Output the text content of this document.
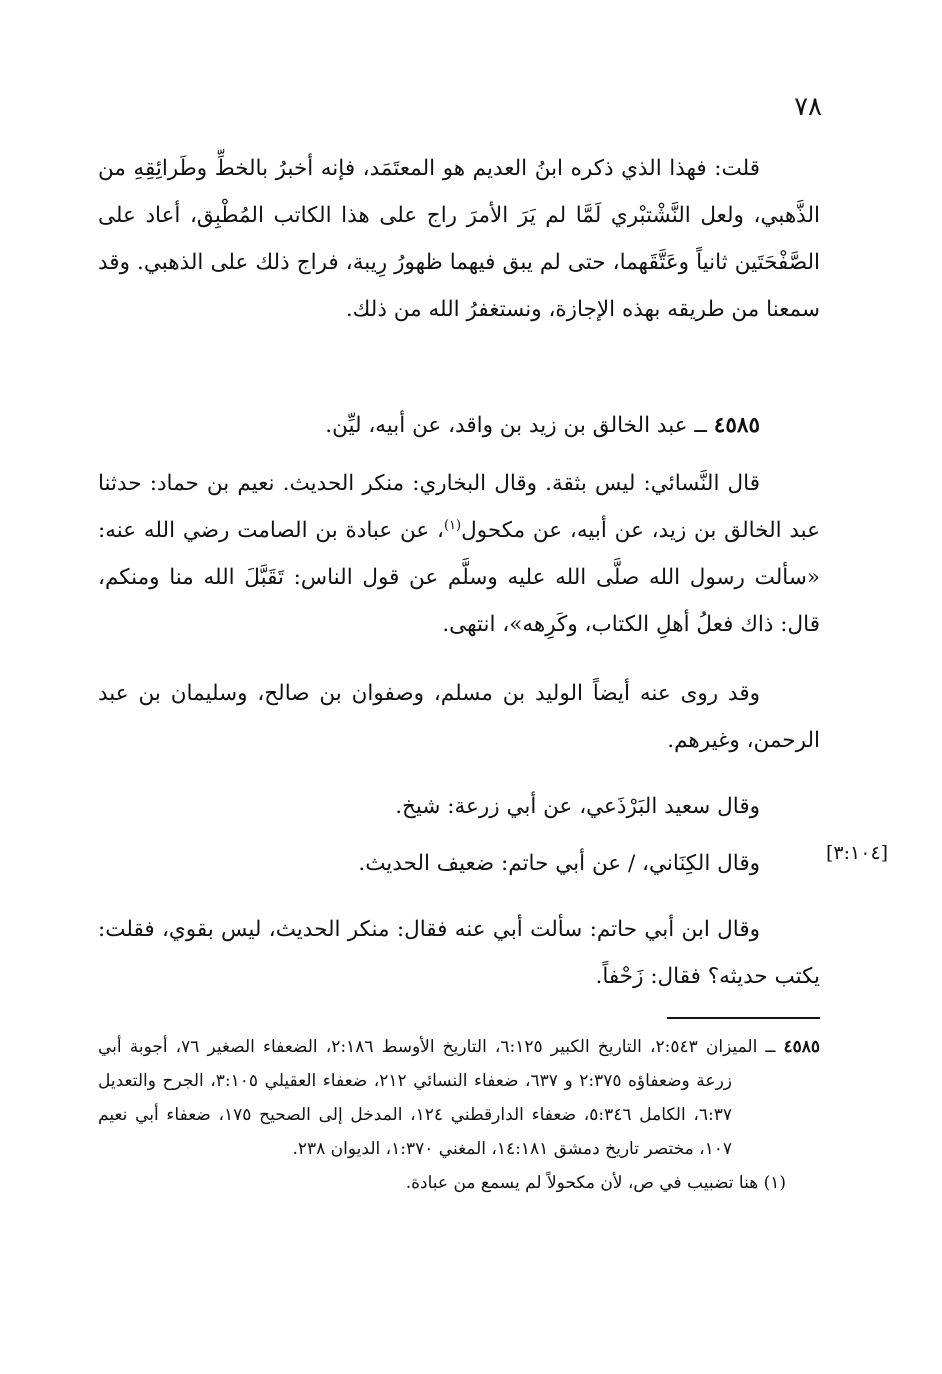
٧٨

قلت: فهذا الذي ذكره ابنُ العديم هو المعتَمَد، فإنه أخبرُ بالخطِّ وطَرائِقِهِ من الذَّهبي، ولعل النَّشْتبْري لَمَّا لم يَرَ الأمرَ راج على هذا الكاتب المُطْبِق، أعاد على الصَّفْحَتَين ثانياً وعَتَّقَهما، حتى لم يبق فيهما ظهورُ رِيبة، فراج ذلك على الذهبي. وقد سمعنا من طريقه بهذه الإجازة، ونستغفرُ الله من ذلك.

٤٥٨٥ ــ عبد الخالق بن زيد بن واقد، عن أبيه، ليِّن.

قال النَّسائي: ليس بثقة. وقال البخاري: منكر الحديث. نعيم بن حماد: حدثنا عبد الخالق بن زيد، عن أبيه، عن مكحول$^{(١)}$، عن عبادة بن الصامت رضي الله عنه: «سألت رسول الله صلَّى الله عليه وسلَّم عن قول الناس: تَقَبَّلَ الله منا ومنكم، قال: ذاك فعلُ أهلِ الكتاب، وكَرِهه»، انتهى.

وقد روى عنه أيضاً الوليد بن مسلم، وصفوان بن صالح، وسليمان بن عبد الرحمن، وغيرهم.

وقال سعيد البَرْذَعي، عن أبي زرعة: شيخ.

وقال الكِنَاني، / عن أبي حاتم: ضعيف الحديث.	[٣:١٠٤]

وقال ابن أبي حاتم: سألت أبي عنه فقال: منكر الحديث، ليس بقوي، فقلت: يكتب حديثه؟ فقال: زَحْفاً.

٤٥٨٥ ــ الميزان ٢:٥٤٣، التاريخ الكبير ٦:١٢٥، التاريخ الأوسط ٢:١٨٦، الضعفاء الصغير ٧٦، أجوبة أبي زرعة وضعفاؤه ٢:٣٧٥ و ٦٣٧، ضعفاء النسائي ٢١٢، ضعفاء العقيلي ٣:١٠٥، الجرح والتعديل ٦:٣٧، الكامل ٥:٣٤٦، ضعفاء الدارقطني ١٢٤، المدخل إلى الصحيح ١٧٥، ضعفاء أبي نعيم ١٠٧، مختصر تاريخ دمشق ١٤:١٨١، المغني ١:٣٧٠، الديوان ٢٣٨.

(١) هنا تضبيب في ص، لأن مكحولاً لم يسمع من عبادة.
